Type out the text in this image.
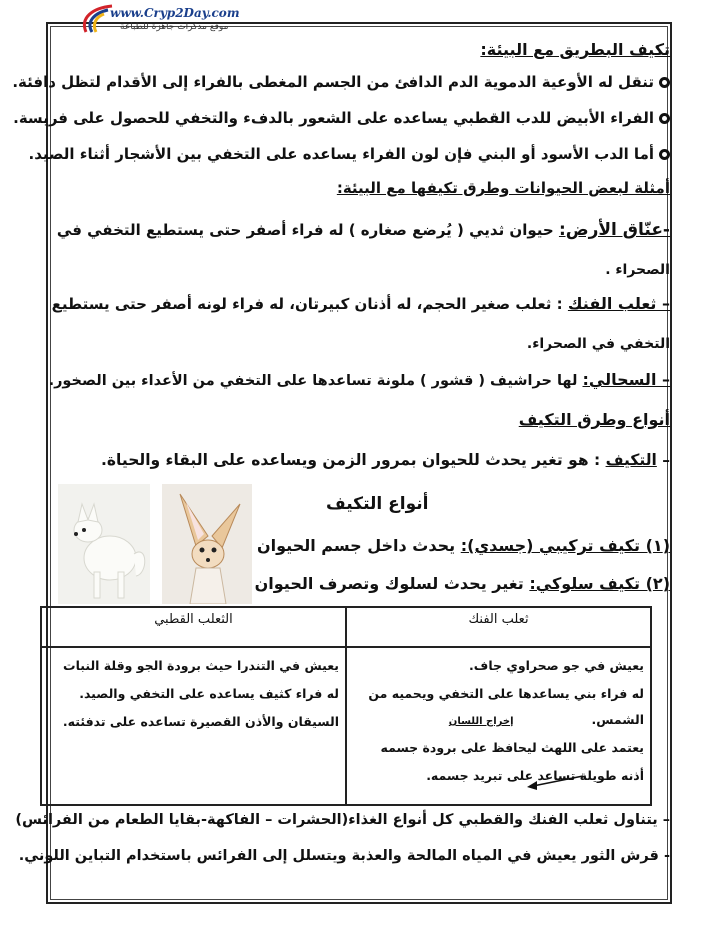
www.Cryp2Day.com
موقع مذكرات جاهزة للطباعة
تكيف البطريق مع البيئة:
تنقل له الأوعية الدموية الدم الدافئ من الجسم المغطى بالفراء إلى الأقدام لتظل دافئة.
الفراء الأبيض للدب القطبي يساعده على الشعور بالدفء والتخفي للحصول على فريسة.
أما الدب الأسود أو البني فإن لون الفراء يساعده على التخفي بين الأشجار أثناء الصيد.
أمثلة لبعض الحيوانات وطرق تكيفها مع البيئة:
-عنّاق الأرض: حيوان ثديي ( يُرضع صغاره ) له فراء أصفر حتى يستطيع التخفي في
الصحراء .
– ثعلب الفنك : ثعلب صغير الحجم، له أذنان كبيرتان، له فراء لونه أصفر حتى يستطيع
التخفي في الصحراء.
– السحالي: لها حراشيف ( قشور ) ملونة تساعدها على التخفي من الأعداء بين الصخور.
أنواع وطرق التكيف
– التكيف : هو تغير يحدث للحيوان بمرور الزمن ويساعده على البقاء والحياة.
أنواع التكيف
(١) تكيف تركيبي (جسدي): يحدث داخل جسم الحيوان
(٢) تكيف سلوكي: تغير يحدث لسلوك وتصرف الحيوان
ثعلب الفنك	الثعلب القطبي

يعيش في جو صحراوي جاف.
له فراء بني يساعدها على التخفي ويحميه من
الشمس.إخراج اللسان
يعتمد على اللهث ليحافظ على برودة جسمه
أذنه طويلة تساعد على تبريد جسمه.	يعيش في التندرا حيث برودة الجو وقلة النبات
له فراء كثيف يساعده على التخفي والصيد.
السيقان والأذن القصيرة تساعده على تدفئته.
– يتناول ثعلب الفنك والقطبي كل أنواع الغذاء(الحشرات – الفاكهة-بقايا الطعام من الفرائس)
- قرش الثور يعيش في المياه المالحة والعذبة ويتسلل إلى الفرائس باستخدام التباين اللوني.
